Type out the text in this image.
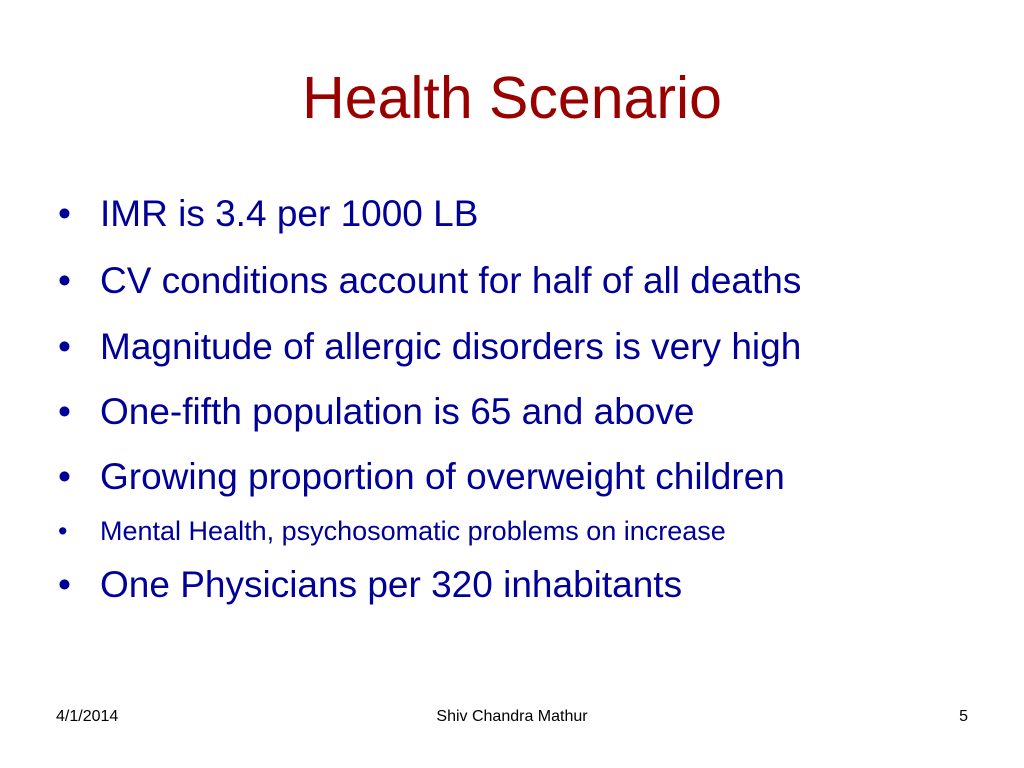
Health Scenario
• IMR is 3.4 per 1000 LB
• CV conditions account for half of all deaths
• Magnitude of allergic disorders is very high
• One-fifth population is 65 and above
• Growing proportion of overweight children
• Mental Health, psychosomatic problems on increase
• One Physicians per 320 inhabitants
4/1/2014	Shiv Chandra Mathur	5
